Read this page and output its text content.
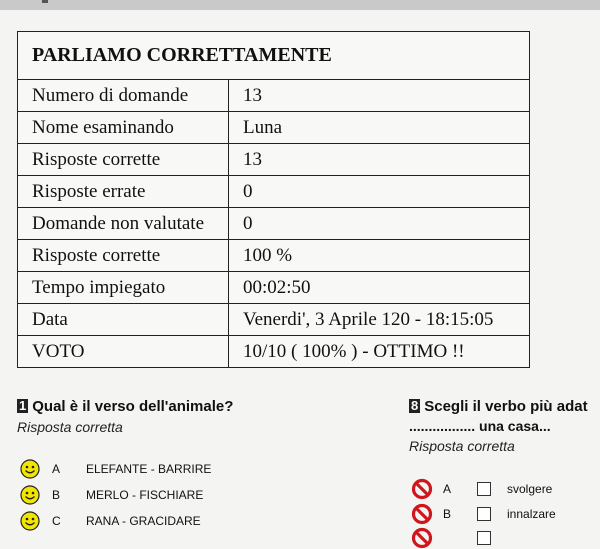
PARLIAMO CORRETTAMENTE	
Numero di domande	13
Nome esaminando	Luna
Risposte corrette	13
Risposte errate	0
Domande non valutate	0
Risposte corrette	100 %
Tempo impiegato	00:02:50
Data	Venerdi', 3 Aprile 120 - 18:15:05
VOTO	10/10 ( 100% ) - OTTIMO !!
1 Qual è il verso dell'animale?
Risposta corretta
A	ELEFANTE - BARRIRE
B	MERLO - FISCHIARE
C	RANA - GRACIDARE
8 Scegli il verbo più adat
................. una casa...
Risposta corretta
A	svolgere
B	innalzare
